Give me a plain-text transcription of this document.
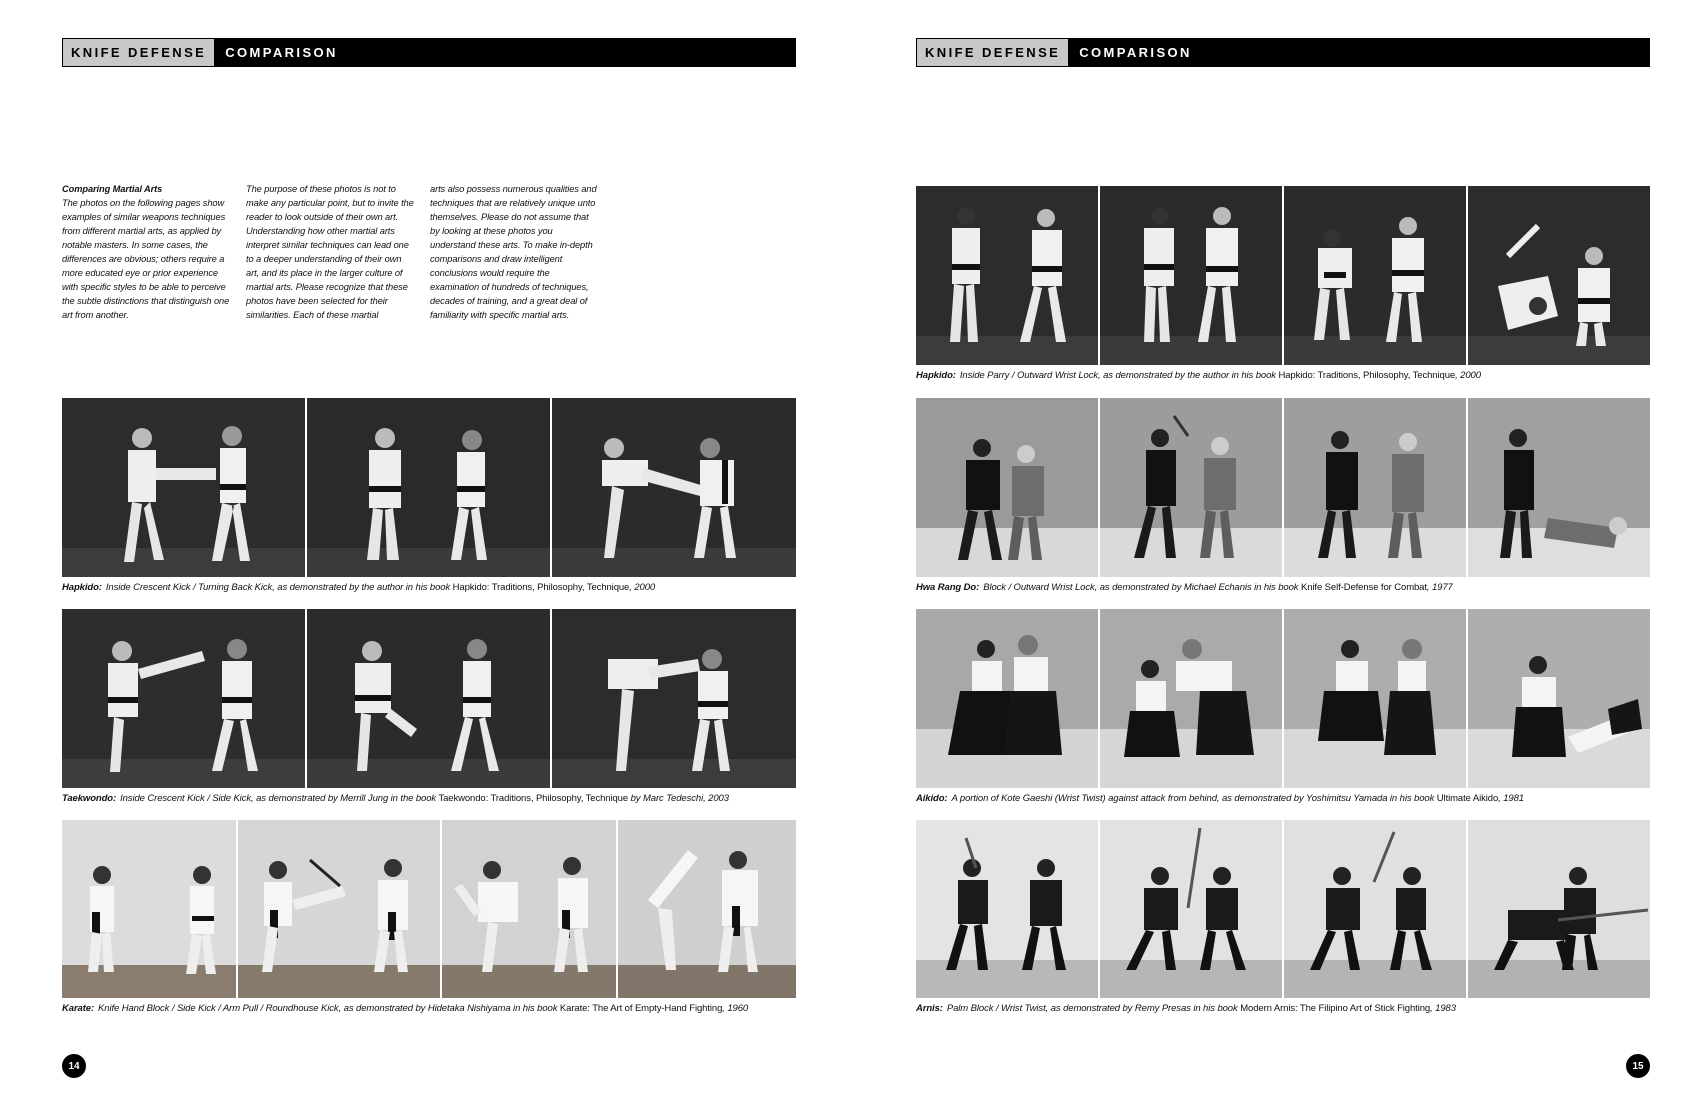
KNIFE DEFENSE	COMPARISON
Comparing Martial Arts
The photos on the following pages show examples of similar weapons techniques from different martial arts, as applied by notable masters. In some cases, the differences are obvious; others require a more educated eye or prior experience with specific styles to be able to perceive the subtle distinctions that distinguish one art from another.
The purpose of these photos is not to make any particular point, but to invite the reader to look outside of their own art. Understanding how other martial arts interpret similar techniques can lead one to a deeper understanding of their own art, and its place in the larger culture of martial arts. Please recognize that these photos have been selected for their similarities. Each of these martial
arts also possess numerous qualities and techniques that are relatively unique unto themselves. Please do not assume that by looking at these photos you understand these arts. To make in-depth comparisons and draw intelligent conclusions would require the examination of hundreds of techniques, decades of training, and a great deal of familiarity with specific martial arts.
Hapkido: Inside Crescent Kick / Turning Back Kick, as demonstrated by the author in his book Hapkido: Traditions, Philosophy, Technique, 2000
Taekwondo: Inside Crescent Kick / Side Kick, as demonstrated by Merrill Jung in the book Taekwondo: Traditions, Philosophy, Technique by Marc Tedeschi, 2003
Karate: Knife Hand Block / Side Kick / Arm Pull / Roundhouse Kick, as demonstrated by Hidetaka Nishiyama in his book Karate: The Art of Empty-Hand Fighting, 1960
14
KNIFE DEFENSE	COMPARISON
Hapkido: Inside Parry / Outward Wrist Lock, as demonstrated by the author in his book Hapkido: Traditions, Philosophy, Technique, 2000
Hwa Rang Do: Block / Outward Wrist Lock, as demonstrated by Michael Echanis in his book Knife Self-Defense for Combat, 1977
Aikido: A portion of Kote Gaeshi (Wrist Twist) against attack from behind, as demonstrated by Yoshimitsu Yamada in his book Ultimate Aikido, 1981
Arnis: Palm Block / Wrist Twist, as demonstrated by Remy Presas in his book Modern Arnis: The Filipino Art of Stick Fighting, 1983
15
